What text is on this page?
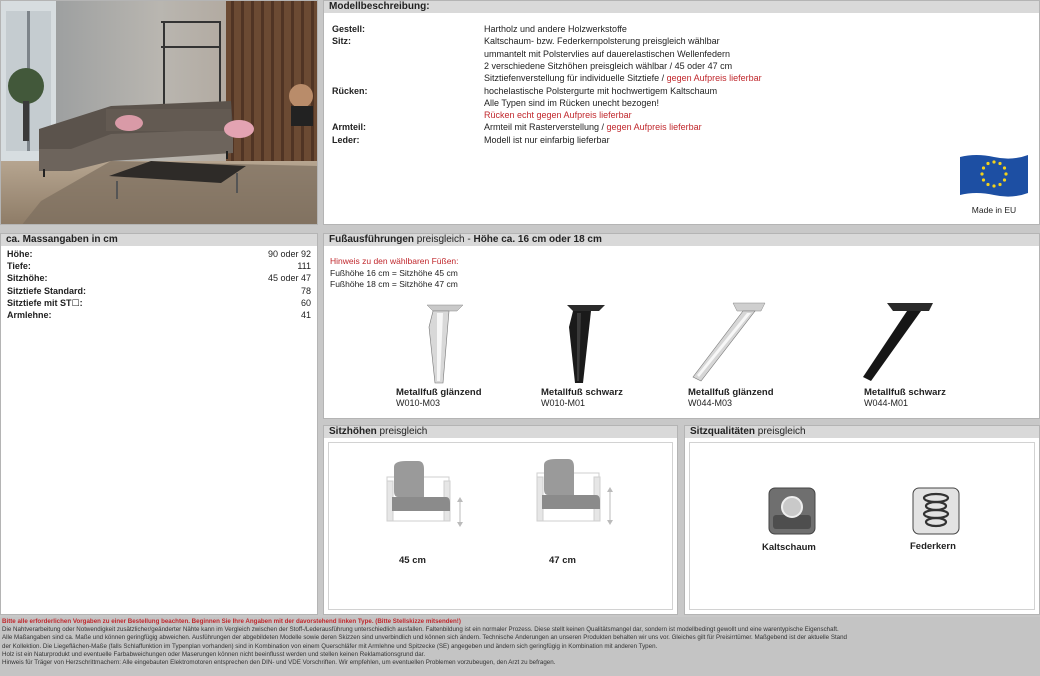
Modellbeschreibung:
Gestell:	Hartholz und andere Holzwerkstoffe
Sitz:	Kaltschaum- bzw. Federkernpolsterung preisgleich wählbar
ummantelt mit Polstervlies auf dauerelastischen Wellenfedern
2 verschiedene Sitzhöhen preisgleich wählbar / 45 oder 47 cm
Sitztiefenverstellung für individuelle Sitztiefe / gegen Aufpreis lieferbar
Rücken:	hochelastische Polstergurte mit hochwertigem Kaltschaum
Alle Typen sind im Rücken unecht bezogen!
Rücken echt gegen Aufpreis lieferbar
Armteil:	Armteil mit Rasterverstellung / gegen Aufpreis lieferbar
Leder:	Modell ist nur einfarbig lieferbar
Made in EU
ca. Massangaben in cm
Höhe:	90 oder 92
Tiefe:	111
Sitzhöhe:	45 oder 47
Sitztiefe Standard:	78
Sitztiefe mit ST☐:	60
Armlehne:	41
Fußausführungen preisgleich - Höhe ca. 16 cm oder 18 cm
Hinweis zu den wählbaren Füßen:
Fußhöhe 16 cm = Sitzhöhe 45 cm
Fußhöhe 18 cm = Sitzhöhe 47 cm
Metallfuß glänzend
W010-M03
Metallfuß schwarz
W010-M01
Metallfuß glänzend
W044-M03
Metallfuß schwarz
W044-M01
Sitzhöhen preisgleich
45 cm	47 cm
Sitzqualitäten preisgleich
Kaltschaum	Federkern
Bitte alle erforderlichen Vorgaben zu einer Bestellung beachten. Beginnen Sie Ihre Angaben mit der davorstehend linken Type. (Bitte Stellskizze mitsenden!)
Die Nahtverarbeitung oder Notwendigkeit zusätzlicher/geänderter Nähte kann im Vergleich zwischen der Stoff-/Lederausführung unterschiedlich ausfallen. Faltenbildung ist ein normaler Prozess. Diese stellt keinen Qualitätsmangel dar, sondern ist modellbedingt gewollt und eine warentypische Eigenschaft.
Alle Maßangaben sind ca. Maße und können geringfügig abweichen. Ausführungen der abgebildeten Modelle sowie deren Skizzen sind unverbindlich und können sich ändern. Technische Änderungen an unseren Produkten behalten wir uns vor. Gleiches gilt für Preisirrtümer. Maßgebend ist der aktuelle Stand
der Kollektion. Die Liegeflächen-Maße (falls Schlaffunktion im Typenplan vorhanden) sind in Kombination von einem Querschläfer mit Armlehne und Spitzecke (SE) angegeben und ändern sich geringfügig in Kombination mit anderen Typen.
Holz ist ein Naturprodukt und eventuelle Farbabweichungen oder Maserungen können nicht beeinflusst werden und stellen keinen Reklamationsgrund dar.
Hinweis für Träger von Herzschrittmachern: Alle eingebauten Elektromotoren entsprechen den DIN- und VDE Vorschriften. Wir empfehlen, um eventuellen Problemen vorzubeugen, den Arzt zu befragen.
